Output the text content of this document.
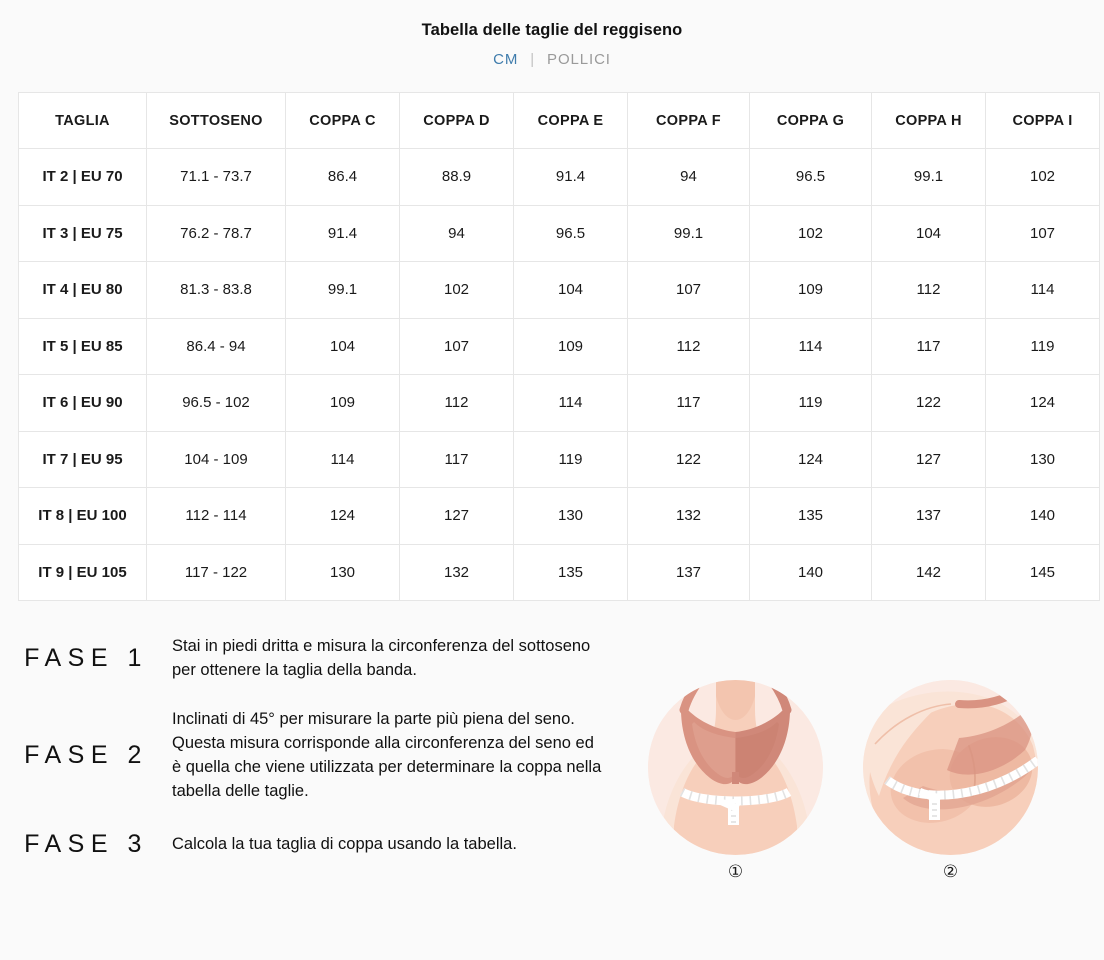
Tabella delle taglie del reggiseno
CM | POLLICI
TAGLIA	SOTTOSENO	COPPA C	COPPA D	COPPA E	COPPA F	COPPA G	COPPA H	COPPA I
IT 2 | EU 70	71.1 - 73.7	86.4	88.9	91.4	94	96.5	99.1	102
IT 3 | EU 75	76.2 - 78.7	91.4	94	96.5	99.1	102	104	107
IT 4 | EU 80	81.3 - 83.8	99.1	102	104	107	109	112	114
IT 5 | EU 85	86.4 - 94	104	107	109	112	114	117	119
IT 6 | EU 90	96.5 - 102	109	112	114	117	119	122	124
IT 7 | EU 95	104 - 109	114	117	119	122	124	127	130
IT 8 | EU 100	112 - 114	124	127	130	132	135	137	140
IT 9 | EU 105	117 - 122	130	132	135	137	140	142	145
FASE 1	Stai in piedi dritta e misura la circonferenza del sottoseno per ottenere la taglia della banda.
FASE 2
Inclinati di 45° per misurare la parte più piena del seno. Questa misura corrisponde alla circonferenza del seno ed è quella che viene utilizzata per determinare la coppa nella tabella delle taglie.
FASE 3	Calcola la tua taglia di coppa usando la tabella.
①	②
